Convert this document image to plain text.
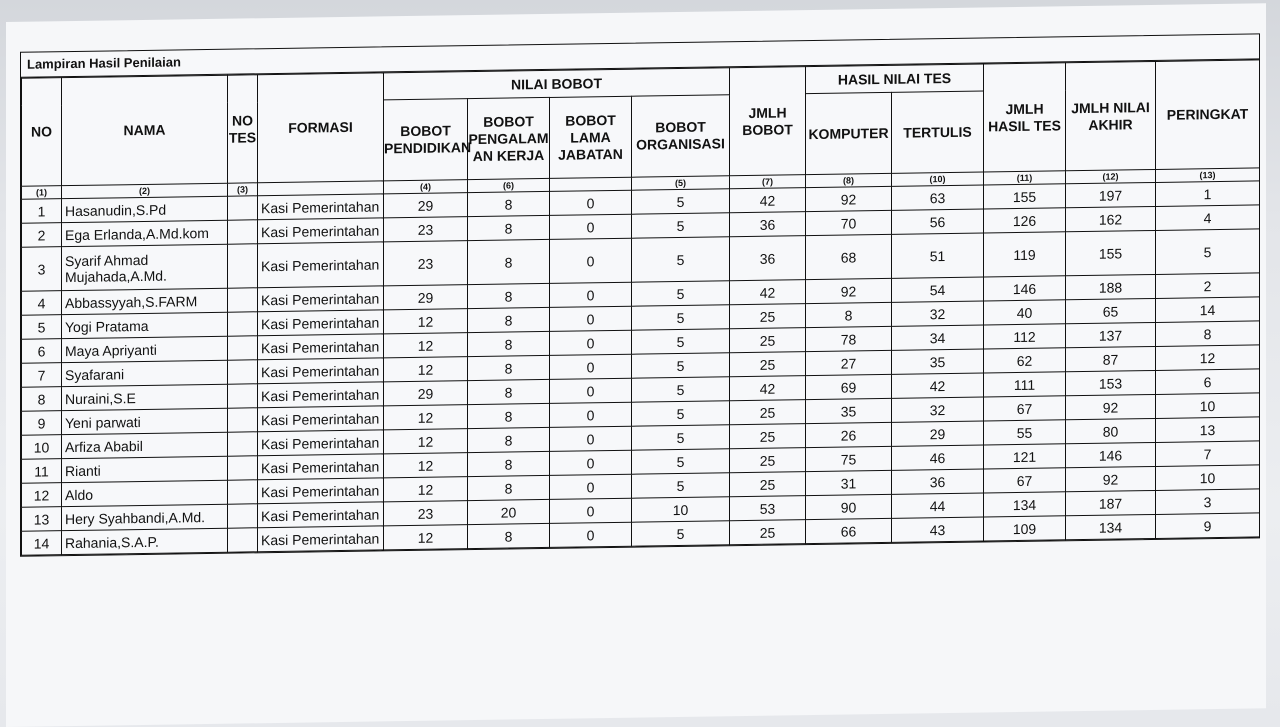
Lampiran Hasil Penilaian
NO	NAMA	NO TES	FORMASI	NILAI BOBOT				JMLH BOBOT	HASIL NILAI TES		JMLH HASIL TES	JMLH NILAI AKHIR	PERINGKAT
				BOBOT PENDIDIKAN	BOBOT PENGALAM AN KERJA	BOBOT LAMA JABATAN	BOBOT ORGANISASI		KOMPUTER	TERTULIS			
(1)	(2)	(3)		(4)	(6)		(5)	(7)	(8)	(10)	(11)	(12)	(13)
1	Hasanudin,S.Pd		Kasi Pemerintahan	29	8	0	5	42	92	63	155	197	1
2	Ega Erlanda,A.Md.kom		Kasi Pemerintahan	23	8	0	5	36	70	56	126	162	4
3	Syarif Ahmad Mujahada,A.Md.		Kasi Pemerintahan	23	8	0	5	36	68	51	119	155	5
4	Abbassyyah,S.FARM		Kasi Pemerintahan	29	8	0	5	42	92	54	146	188	2
5	Yogi Pratama		Kasi Pemerintahan	12	8	0	5	25	8	32	40	65	14
6	Maya Apriyanti		Kasi Pemerintahan	12	8	0	5	25	78	34	112	137	8
7	Syafarani		Kasi Pemerintahan	12	8	0	5	25	27	35	62	87	12
8	Nuraini,S.E		Kasi Pemerintahan	29	8	0	5	42	69	42	111	153	6
9	Yeni parwati		Kasi Pemerintahan	12	8	0	5	25	35	32	67	92	10
10	Arfiza Ababil		Kasi Pemerintahan	12	8	0	5	25	26	29	55	80	13
11	Rianti		Kasi Pemerintahan	12	8	0	5	25	75	46	121	146	7
12	Aldo		Kasi Pemerintahan	12	8	0	5	25	31	36	67	92	10
13	Hery Syahbandi,A.Md.		Kasi Pemerintahan	23	20	0	10	53	90	44	134	187	3
14	Rahania,S.A.P.		Kasi Pemerintahan	12	8	0	5	25	66	43	109	134	9
